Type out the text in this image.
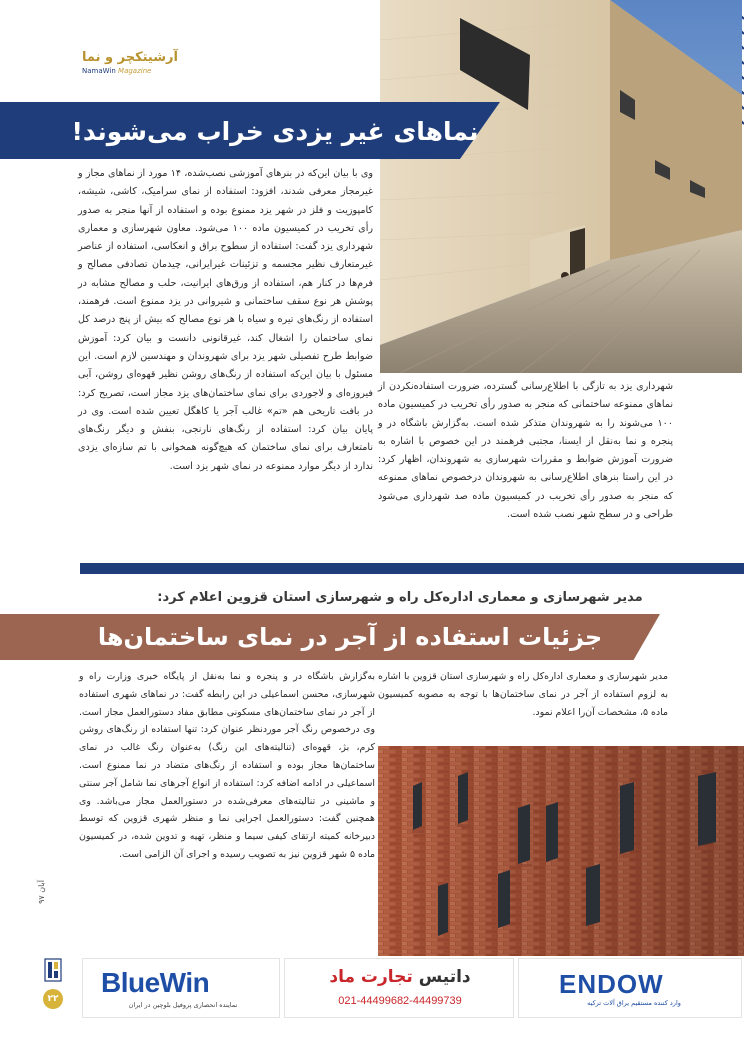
آرشیتکچر و نما
NamaWin Magazine
نماهای غیر یزدی خراب می‌شوند!
وی با بیان این‌که در بنرهای آموزشی نصب‌شده، ۱۴ مورد از نماهای مجاز و غیرمجاز معرفی شدند، افزود: استفاده از نمای سرامیک، کاشی، شیشه، کامپوزیت و فلز در شهر یزد ممنوع بوده و استفاده از آنها منجر به صدور رأی تخریب در کمیسیون ماده ۱۰۰ می‌شود. معاون شهرسازی و معماری شهرداری یزد گفت: استفاده از سطوح براق و انعکاسی، استفاده از عناصر غیرمتعارف نظیر مجسمه و تزئینات غیرایرانی، چیدمان تصادفی مصالح و فرم‌ها در کنار هم، استفاده از ورق‌های ایرانیت، حلب و مصالح مشابه در پوشش هر نوع سقف ساختمانی و شیروانی در یزد ممنوع است. فرهمند، استفاده از رنگ‌های تیره و سیاه با هر نوع مصالح که بیش از پنج درصد کل نمای ساختمان را اشغال کند، غیرقانونی دانست و بیان کرد: آموزش ضوابط طرح تفصیلی شهر یزد برای شهروندان و مهندسین لازم است. این مسئول با بیان این‌که استفاده از رنگ‌های روشن نظیر قهوه‌ای روشن، آبی فیروزه‌ای و لاجوردی برای نمای ساختمان‌های یزد مجاز است، تصریح کرد: در بافت تاریخی هم «تم» غالب آجر یا کاهگل تعیین شده است. وی در پایان بیان کرد: استفاده از رنگ‌های نارنجی، بنفش و دیگر رنگ‌های نامتعارف برای نمای ساختمان که هیچ‌گونه همخوانی با تم سازه‌ای یزدی ندارد از دیگر موارد ممنوعه در نمای شهر یزد است.
شهرداری یزد به تازگی با اطلاع‌رسانی گسترده، ضرورت استفاده‌نکردن از نماهای ممنوعه ساختمانی که منجر به صدور رأی تخریب در کمیسیون ماده ۱۰۰ می‌شوند را به شهروندان متذکر شده است. به‌گزارش باشگاه در و پنجره و نما به‌نقل از ایسنا، مجتبی فرهمند در این خصوص با اشاره به ضرورت آموزش ضوابط و مقررات شهرسازی به شهروندان، اظهار کرد: در این راستا بنرهای اطلاع‌رسانی به شهروندان درخصوص نماهای ممنوعه که منجر به صدور رأی تخریب در کمیسیون ماده صد شهرداری می‌شود طراحی و در سطح شهر نصب شده است.
مدیر شهرسازی و معماری اداره‌کل راه و شهرسازی استان قزوین اعلام کرد:
جزئیات استفاده از آجر در نمای ساختمان‌ها
مدیر شهرسازی و معماری اداره‌کل راه و شهرسازی استان قزوین با اشاره به لزوم استفاده از آجر در نمای ساختمان‌ها با توجه به مصوبه کمیسیون ماده ۵، مشخصات آن‌را اعلام نمود.
به‌گزارش باشگاه در و پنجره و نما به‌نقل از پایگاه خبری وزارت راه و شهرسازی، محسن اسماعیلی در این رابطه گفت: در نماهای شهری استفاده از آجر در نمای ساختمان‌های مسکونی مطابق مفاد دستورالعمل مجاز است. وی درخصوص رنگ آجر موردنظر عنوان کرد: تنها استفاده از رنگ‌های روشن کرم، بژ، قهوه‌ای (تنالیته‌های این رنگ) به‌عنوان رنگ غالب در نمای ساختمان‌ها مجاز بوده و استفاده از رنگ‌های متضاد در نما ممنوع است. اسماعیلی در ادامه اضافه کرد: استفاده از انواع آجرهای نما شامل آجر سنتی و ماشینی در تنالیته‌های معرفی‌شده در دستورالعمل مجاز می‌باشد. وی همچنین گفت: دستورالعمل اجرایی نما و منظر شهری قزوین که توسط دبیرخانه کمیته ارتقای کیفی سیما و منظر، تهیه و تدوین شده، در کمیسیون ماده ۵ شهر قزوین نیز به تصویب رسیده و اجرای آن الزامی است.
آبان ۹۷
۲۲
BlueWin
نماینده انحصاری پروفیل بلوچین در ایران
داتیس تجارت ماد
021-44499682-44499739
ENDOW
وارد کننده مستقیم یراق آلات ترکیه
